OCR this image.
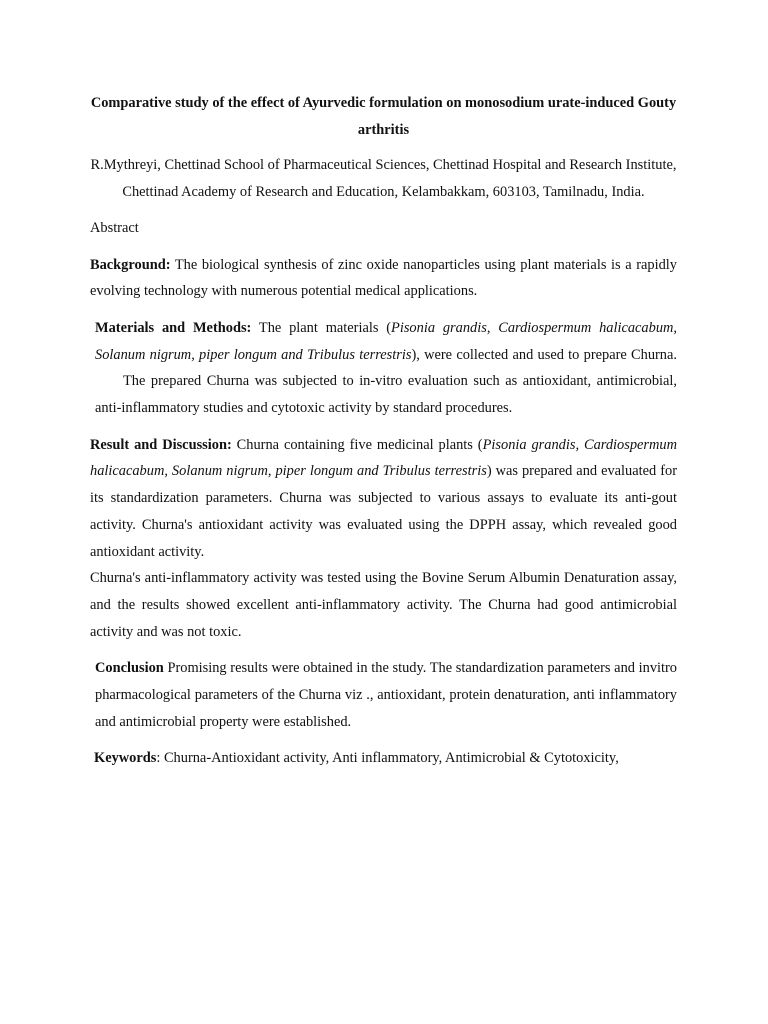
Comparative study of the effect of Ayurvedic formulation on monosodium urate-induced Gouty arthritis
R.Mythreyi, Chettinad School of Pharmaceutical Sciences, Chettinad Hospital and Research Institute, Chettinad Academy of Research and Education, Kelambakkam, 603103, Tamilnadu, India.
Abstract

Background: The biological synthesis of zinc oxide nanoparticles using plant materials is a rapidly evolving technology with numerous potential medical applications.

Materials and Methods: The plant materials (Pisonia grandis, Cardiospermum halicacabum, Solanum nigrum, piper longum and Tribulus terrestris), were collected and used to prepare Churna.The prepared Churna was subjected to in-vitro evaluation such as antioxidant, antimicrobial, anti-inflammatory studies and cytotoxic activity by standard procedures.

Result and Discussion: Churna containing five medicinal plants (Pisonia grandis, Cardiospermum halicacabum, Solanum nigrum, piper longum and Tribulus terrestris) was prepared and evaluated for its standardization parameters. Churna was subjected to various assays to evaluate its anti-gout activity. Churna's antioxidant activity was evaluated using the DPPH assay, which revealed good antioxidant activity.

Churna's anti-inflammatory activity was tested using the Bovine Serum Albumin Denaturation assay, and the results showed excellent anti-inflammatory activity. The Churna had good antimicrobial activity and was not toxic.

Conclusion Promising results were obtained in the study. The standardization parameters and invitro pharmacological parameters of the Churna viz ., antioxidant, protein denaturation, anti inflammatory and antimicrobial property were established.

Keywords: Churna-Antioxidant activity, Anti inflammatory, Antimicrobial & Cytotoxicity,
